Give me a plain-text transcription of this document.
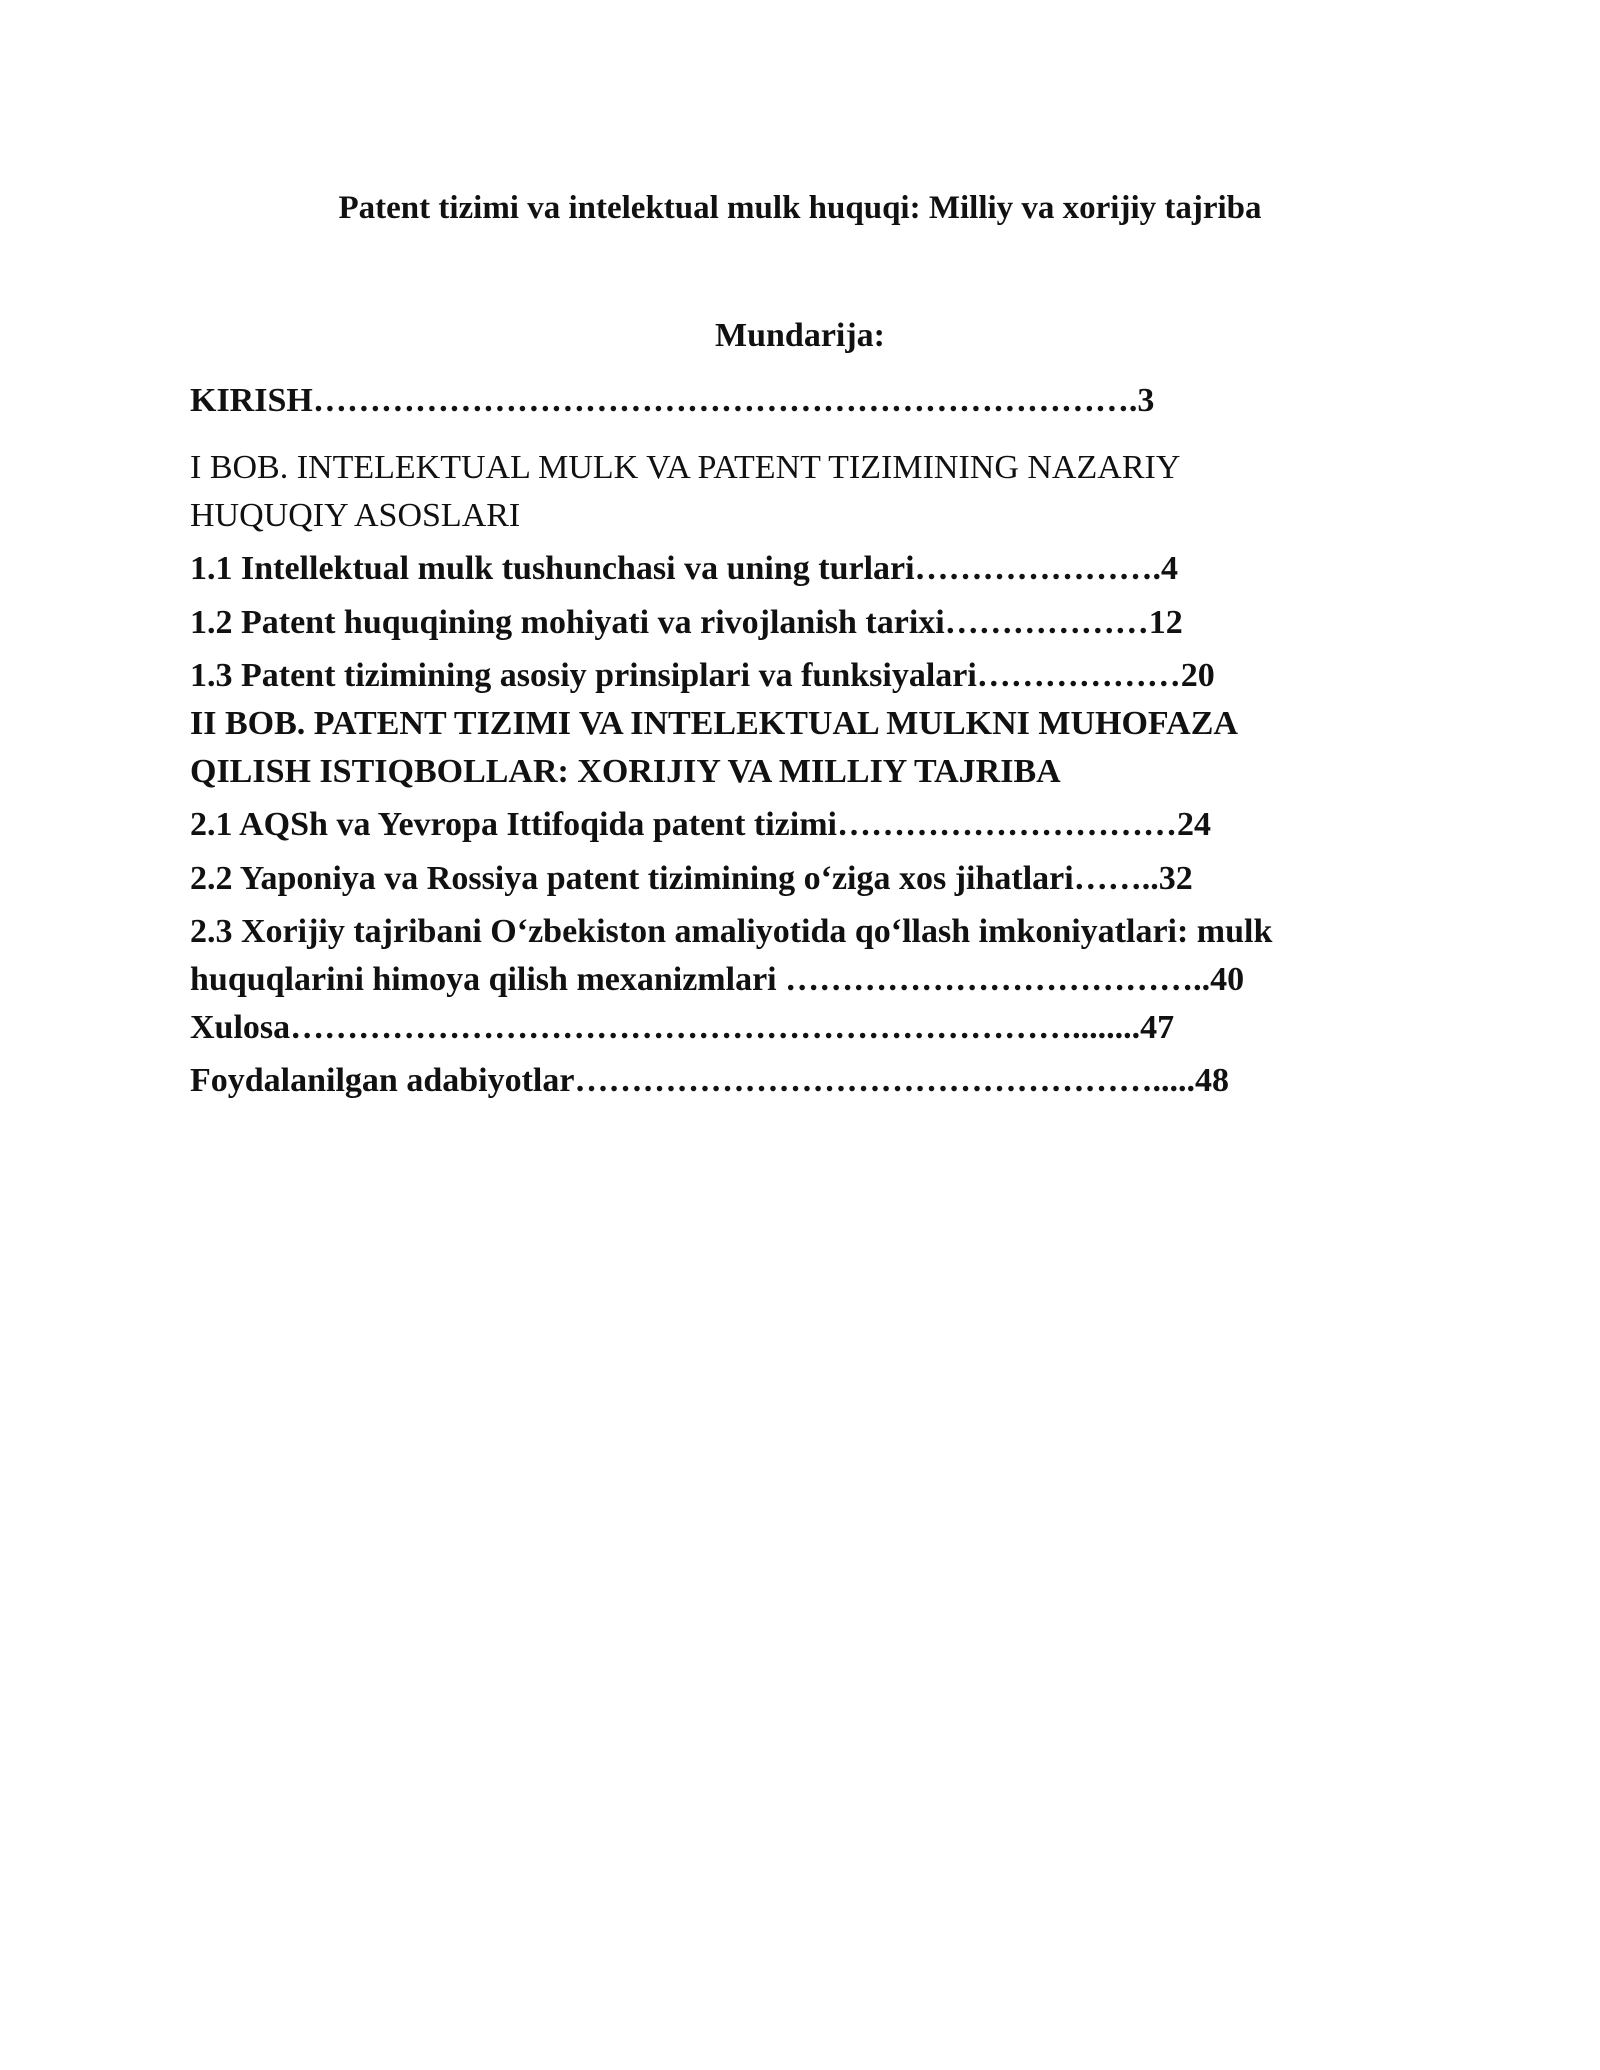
Patent tizimi va intelektual mulk huquqi: Milliy va xorijiy tajriba
Mundarija:
KIRISH……………………………………………………………….3
I BOB. INTELEKTUAL MULK VA PATENT TIZIMINING NAZARIY
HUQUQIY ASOSLARI
1.1 Intellektual mulk tushunchasi va uning turlari………………….4
1.2 Patent huquqining mohiyati va rivojlanish tarixi………………12
1.3 Patent tizimining asosiy prinsiplari va funksiyalari………………20
II BOB. PATENT TIZIMI VA INTELEKTUAL MULKNI MUHOFAZA
QILISH ISTIQBOLLAR: XORIJIY VA MILLIY TAJRIBA
2.1 AQSh va Yevropa Ittifoqida patent tizimi…………………………24
2.2 Yaponiya va Rossiya patent tizimining o‘ziga xos jihatlari……..32
2.3 Xorijiy tajribani O‘zbekiston amaliyotida qo‘llash imkoniyatlari: mulk
huquqlarini himoya qilish mexanizmlari ………………………………..40
Xulosa……………………………………………………………........47
Foydalanilgan adabiyotlar…………………………………………….....48
